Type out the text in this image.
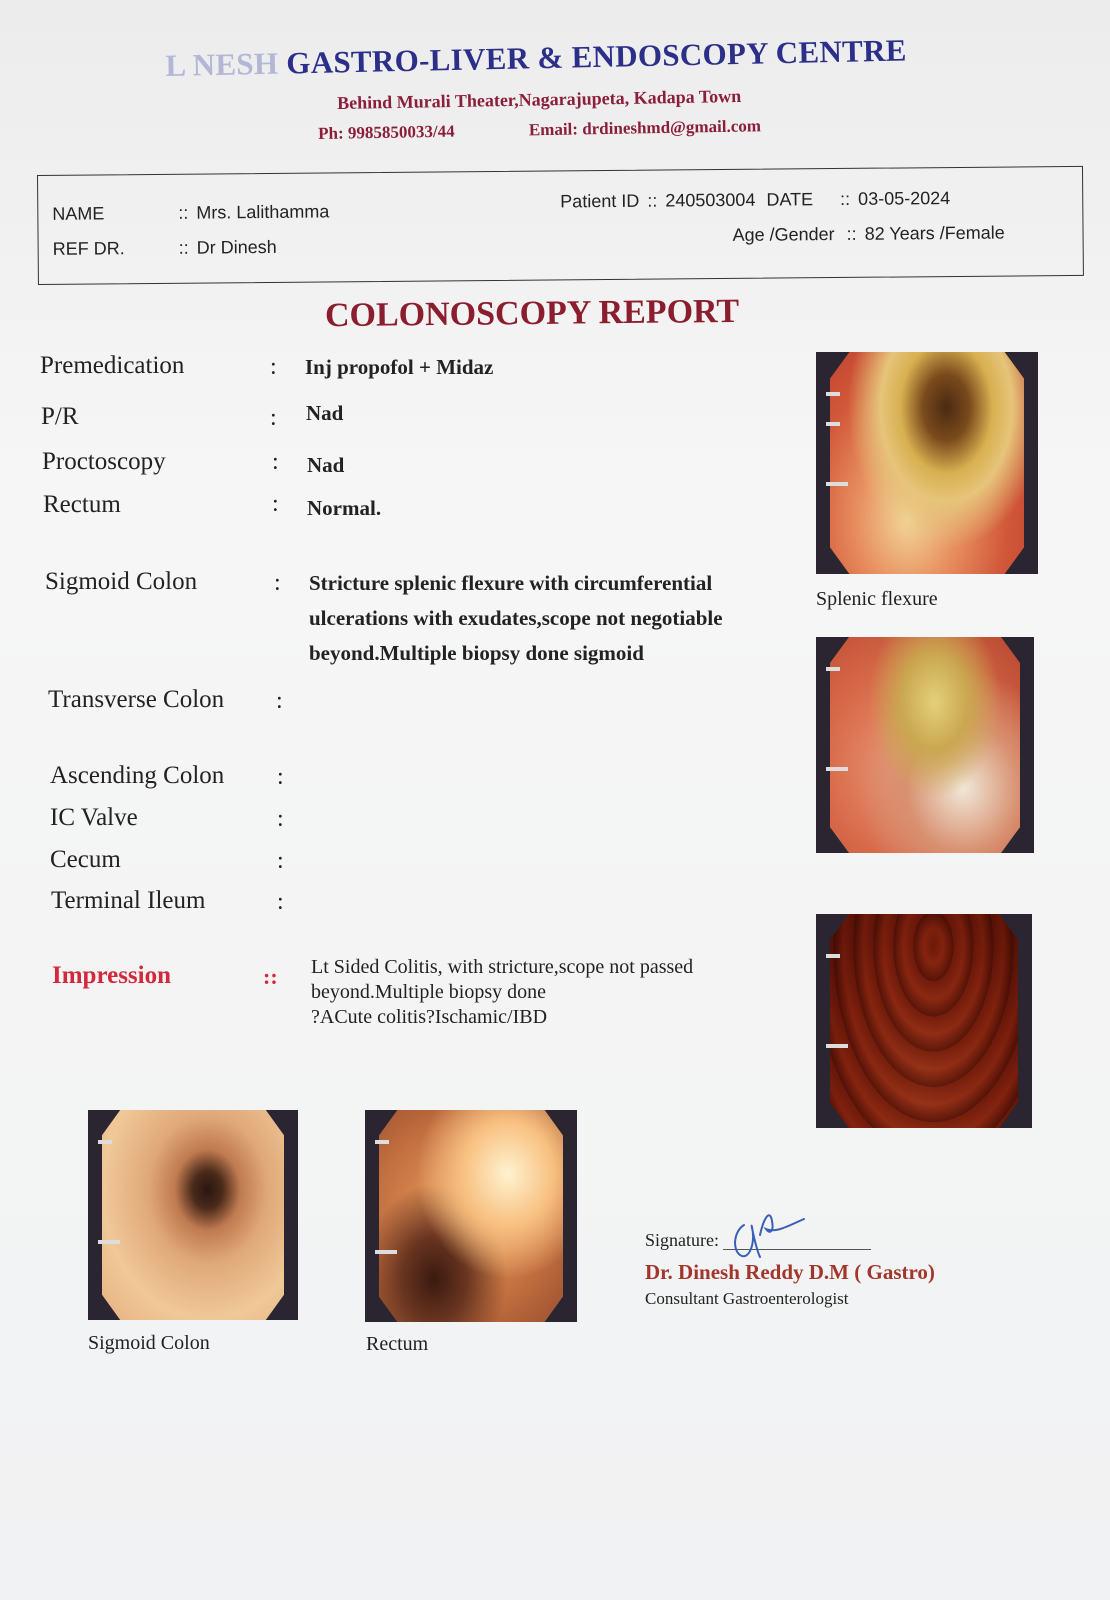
L NESH GASTRO-LIVER & ENDOSCOPY CENTRE
Behind Murali Theater,Nagarajupeta, Kadapa Town
Ph: 9985850033/44	Email: drdineshmd@gmail.com
NAME	:: Mrs. Lalithamma
REF DR.	:: Dr Dinesh
Patient ID :: 240503004 DATE :: 03-05-2024
Age /Gender :: 82 Years /Female
COLONOSCOPY REPORT
Premedication	: Inj propofol + Midaz
P/R	: Nad
Proctoscopy	: Nad
Rectum	: Normal.
Sigmoid Colon	: Stricture splenic flexure with circumferential
ulcerations with exudates,scope not negotiable
beyond.Multiple biopsy done sigmoid
Transverse Colon :
Ascending Colon :
IC Valve	:
Cecum	:
Terminal Ileum	:
Impression	:: Lt Sided Colitis, with stricture,scope not passed
beyond.Multiple biopsy done
?ACute colitis?Ischamic/IBD
Splenic flexure
Sigmoid Colon	Rectum
Signature:
Dr. Dinesh Reddy D.M ( Gastro)
Consultant Gastroenterologist
